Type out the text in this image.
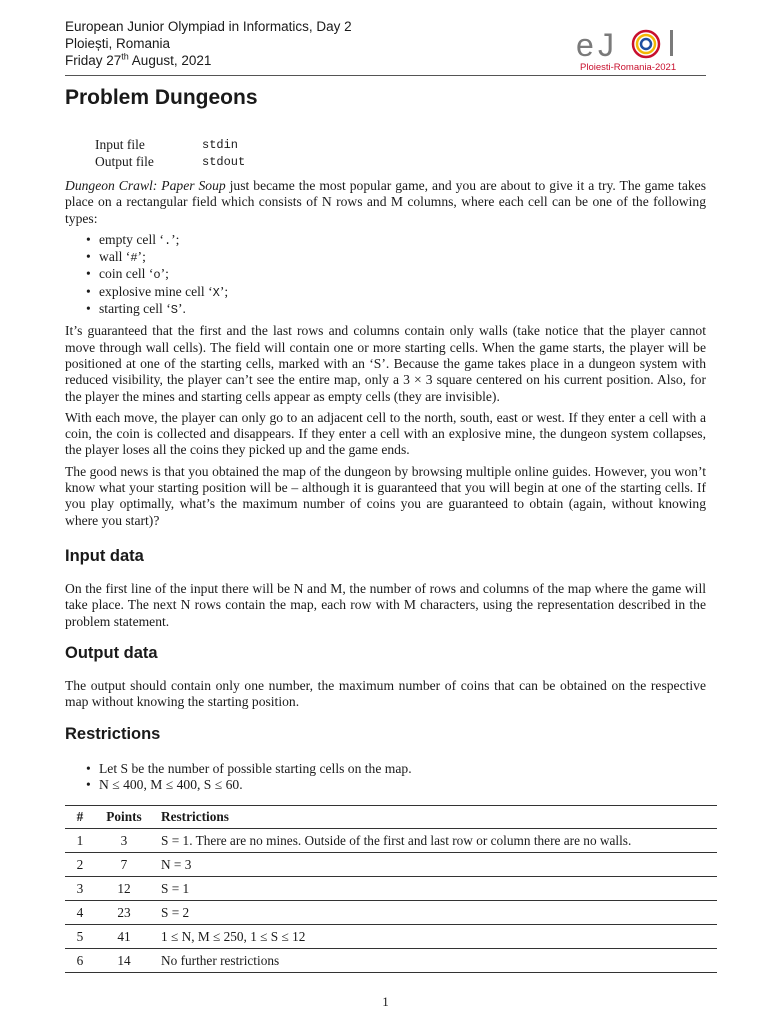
European Junior Olympiad in Informatics, Day 2
Ploiești, Romania
Friday 27th August, 2021	e J
Ploiesti-Romania-2021
Problem Dungeons
Input file	stdin
Output file	stdout

Dungeon Crawl: Paper Soup just became the most popular game, and you are about to give it a try. The game takes place on a rectangular field which consists of N rows and M columns, where each cell can be one of the following types:

• empty cell ‘.’;
• wall ‘#’;
• coin cell ‘o’;
• explosive mine cell ‘X’;
• starting cell ‘S’.

It’s guaranteed that the first and the last rows and columns contain only walls (take notice that the player cannot move through wall cells). The field will contain one or more starting cells. When the game starts, the player will be positioned at one of the starting cells, marked with an ‘S’. Because the game takes place in a dungeon system with reduced visibility, the player can’t see the entire map, only a 3 × 3 square centered on his current position. Also, for the player the mines and starting cells appear as empty cells (they are invisible).

With each move, the player can only go to an adjacent cell to the north, south, east or west. If they enter a cell with a coin, the coin is collected and disappears. If they enter a cell with an explosive mine, the dungeon system collapses, the player loses all the coins they picked up and the game ends.

The good news is that you obtained the map of the dungeon by browsing multiple online guides. However, you won’t know what your starting position will be – although it is guaranteed that you will begin at one of the starting cells. If you play optimally, what’s the maximum number of coins you are guaranteed to obtain (again, without knowing where you start)?

Input data
On the first line of the input there will be N and M, the number of rows and columns of the map where the game will take place. The next N rows contain the map, each row with M characters, using the representation described in the problem statement.
Output data
The output should contain only one number, the maximum number of coins that can be obtained on the respective map without knowing the starting position.
Restrictions
• Let S be the number of possible starting cells on the map.
• N ≤ 400, M ≤ 400, S ≤ 60.
#	Points	Restrictions
1	3	S = 1. There are no mines. Outside of the first and last row or column there are no walls.
2	7	N = 3
3	12	S = 1
4	23	S = 2
5	41	1 ≤ N, M ≤ 250, 1 ≤ S ≤ 12
6	14	No further restrictions
1
